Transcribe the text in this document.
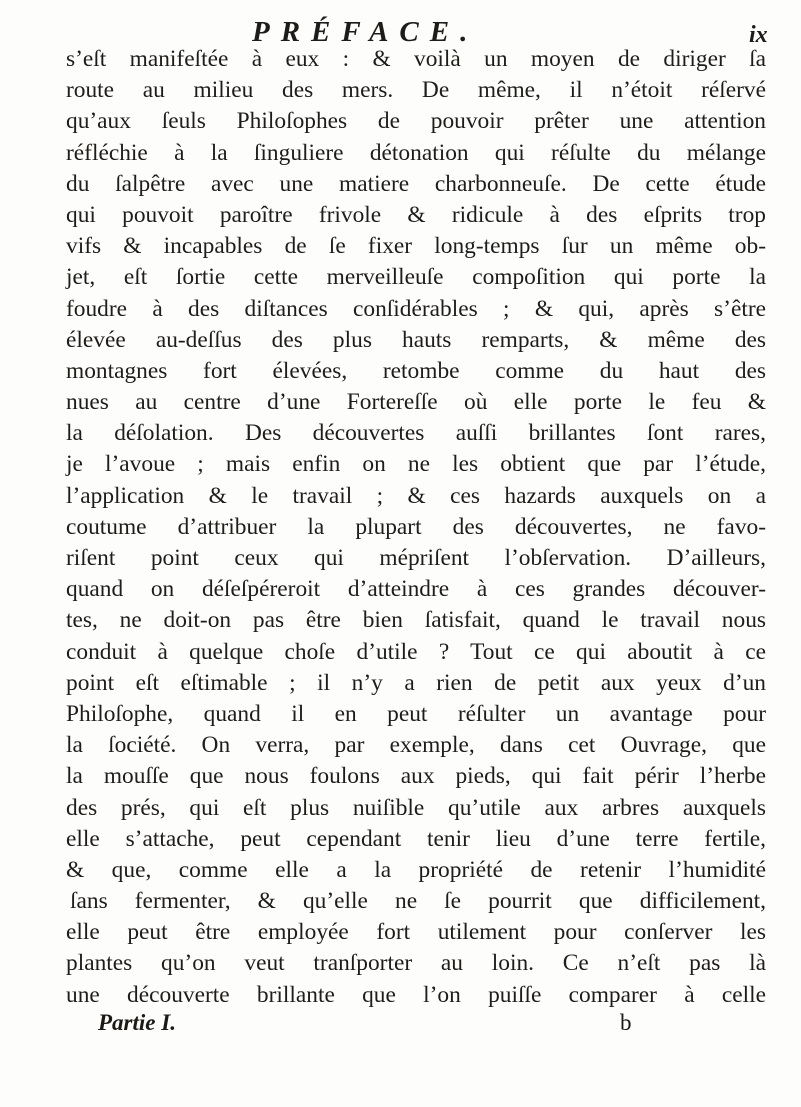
PRÉFACE.	ix
s’eſt manifeſtée à eux : & voilà un moyen de diriger ſa
route au milieu des mers. De même, il n’étoit réſervé
qu’aux ſeuls Philoſophes de pouvoir prêter une attention
réfléchie à la ſinguliere détonation qui réſulte du mélange
du ſalpêtre avec une matiere charbonneuſe. De cette étude
qui pouvoit paroître frivole & ridicule à des eſprits trop
vifs & incapables de ſe fixer long-temps ſur un même ob-
jet, eſt ſortie cette merveilleuſe compoſition qui porte la
foudre à des diſtances conſidérables ; & qui, après s’être
élevée au-deſſus des plus hauts remparts, & même des
montagnes fort élevées, retombe comme du haut des
nues au centre d’une Fortereſſe où elle porte le feu &
la déſolation. Des découvertes auſſi brillantes ſont rares,
je l’avoue ; mais enfin on ne les obtient que par l’étude,
l’application & le travail ; & ces hazards auxquels on a
coutume d’attribuer la plupart des découvertes, ne favo-
riſent point ceux qui mépriſent l’obſervation. D’ailleurs,
quand on déſeſpéreroit d’atteindre à ces grandes découver-
tes, ne doit-on pas être bien ſatisfait, quand le travail nous
conduit à quelque choſe d’utile ? Tout ce qui aboutit à ce
point eſt eſtimable ; il n’y a rien de petit aux yeux d’un
Philoſophe, quand il en peut réſulter un avantage pour
la ſociété. On verra, par exemple, dans cet Ouvrage, que
la mouſſe que nous foulons aux pieds, qui fait périr l’herbe
des prés, qui eſt plus nuiſible qu’utile aux arbres auxquels
elle s’attache, peut cependant tenir lieu d’une terre fertile,
& que, comme elle a la propriété de retenir l’humidité
ſans fermenter, & qu’elle ne ſe pourrit que difficilement,
elle peut être employée fort utilement pour conſerver les
plantes qu’on veut tranſporter au loin. Ce n’eſt pas là
une découverte brillante que l’on puiſſe comparer à celle
Partie I.	b
